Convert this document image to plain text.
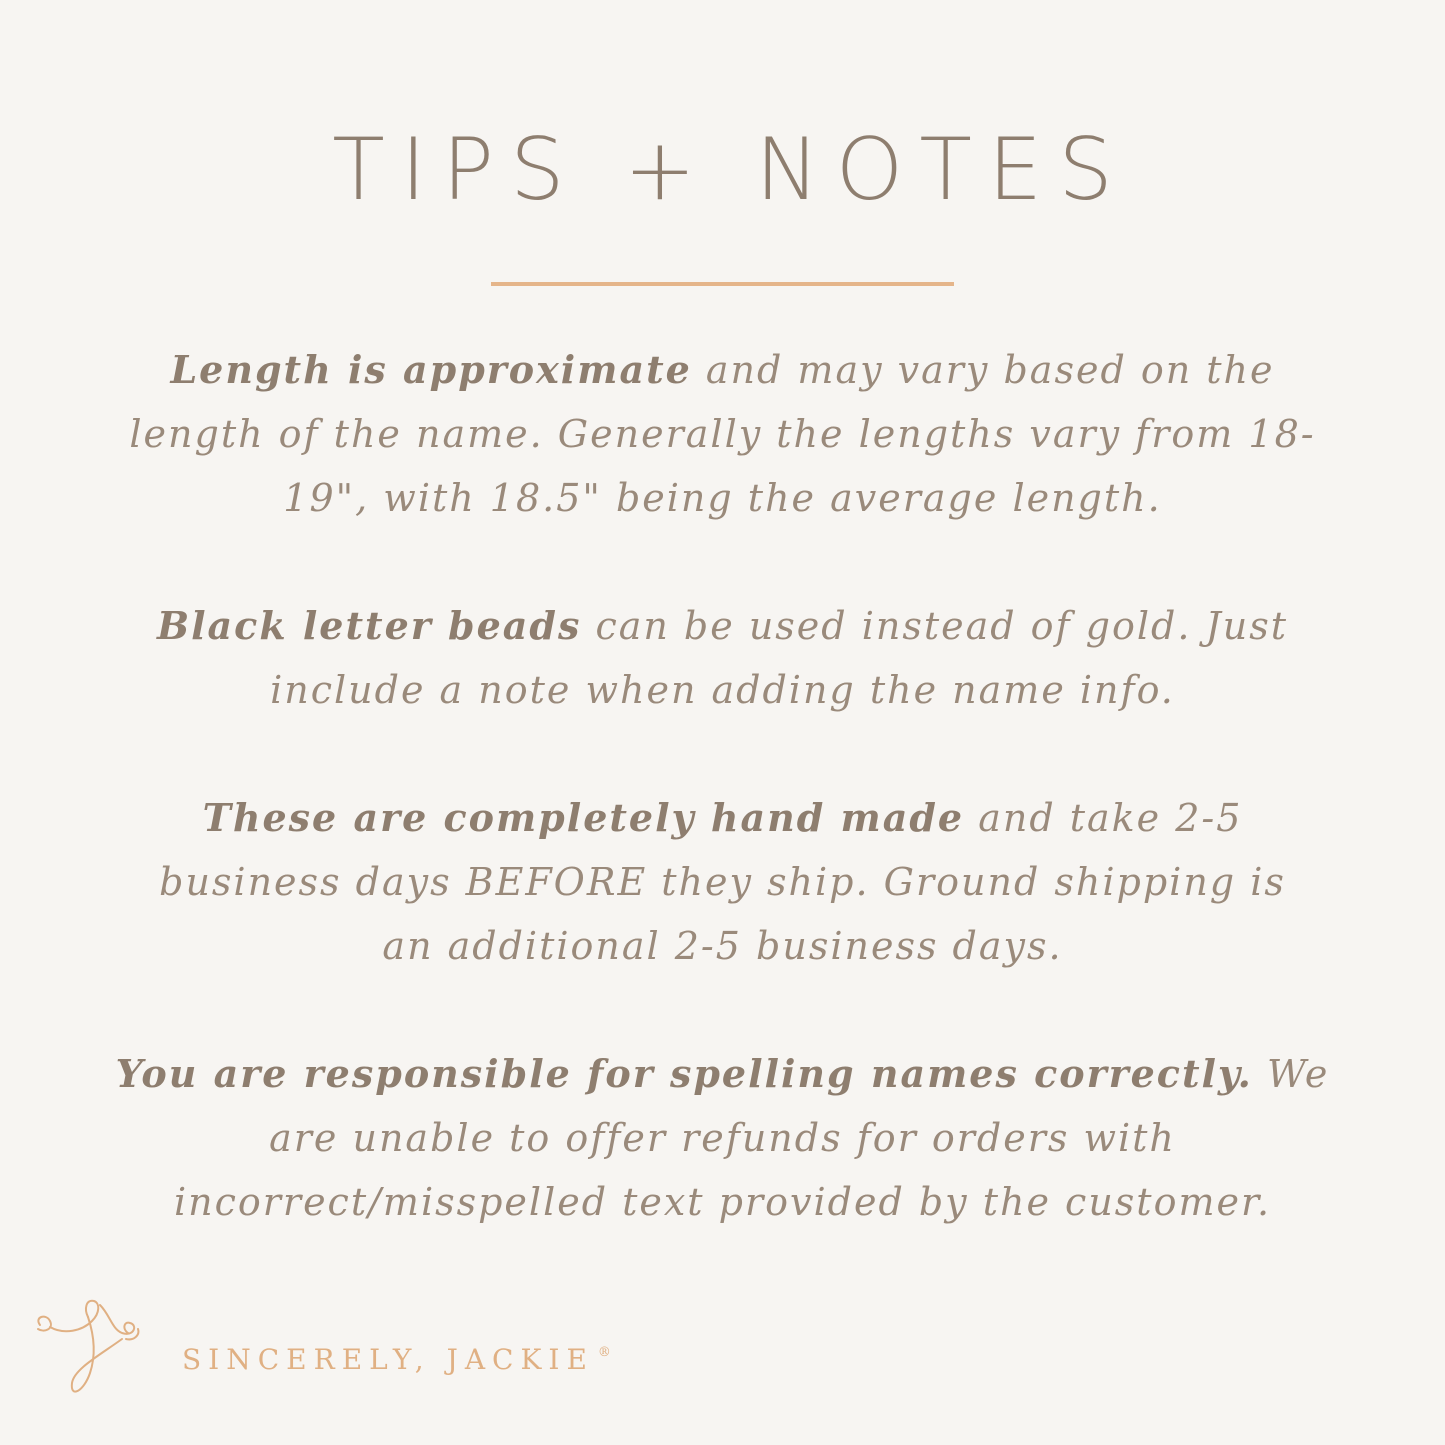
TIPS + NOTES

Length is approximate and may vary based on the length of the name. Generally the lengths vary from 18-19", with 18.5" being the average length.

Black letter beads can be used instead of gold. Just include a note when adding the name info.

These are completely hand made and take 2-5 business days BEFORE they ship. Ground shipping is an additional 2-5 business days.

You are responsible for spelling names correctly. We are unable to offer refunds for orders with incorrect/misspelled text provided by the customer.

SINCERELY, JACKIE ®
